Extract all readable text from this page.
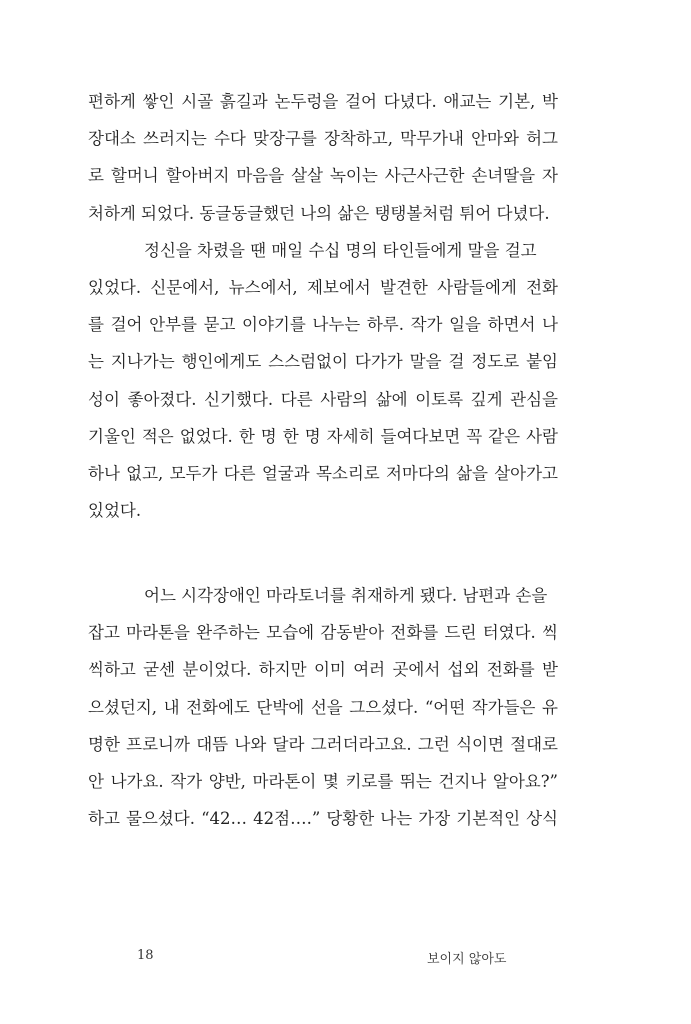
편하게 쌓인 시골 흙길과 논두렁을 걸어 다녔다. 애교는 기본, 박
장대소 쓰러지는 수다 맞장구를 장착하고, 막무가내 안마와 허그
로 할머니 할아버지 마음을 살살 녹이는 사근사근한 손녀딸을 자
처하게 되었다. 동글동글했던 나의 삶은 탱탱볼처럼 튀어 다녔다.
정신을 차렸을 땐 매일 수십 명의 타인들에게 말을 걸고
있었다. 신문에서, 뉴스에서, 제보에서 발견한 사람들에게 전화
를 걸어 안부를 묻고 이야기를 나누는 하루. 작가 일을 하면서 나
는 지나가는 행인에게도 스스럼없이 다가가 말을 걸 정도로 붙임
성이 좋아졌다. 신기했다. 다른 사람의 삶에 이토록 깊게 관심을
기울인 적은 없었다. 한 명 한 명 자세히 들여다보면 꼭 같은 사람
하나 없고, 모두가 다른 얼굴과 목소리로 저마다의 삶을 살아가고
있었다.
어느 시각장애인 마라토너를 취재하게 됐다. 남편과 손을
잡고 마라톤을 완주하는 모습에 감동받아 전화를 드린 터였다. 씩
씩하고 굳센 분이었다. 하지만 이미 여러 곳에서 섭외 전화를 받
으셨던지, 내 전화에도 단박에 선을 그으셨다. “어떤 작가들은 유
명한 프로니까 대뜸 나와 달라 그러더라고요. 그런 식이면 절대로
안 나가요. 작가 양반, 마라톤이 몇 키로를 뛰는 건지나 알아요?”
하고 물으셨다. “42… 42점….” 당황한 나는 가장 기본적인 상식
18	보이지 않아도
